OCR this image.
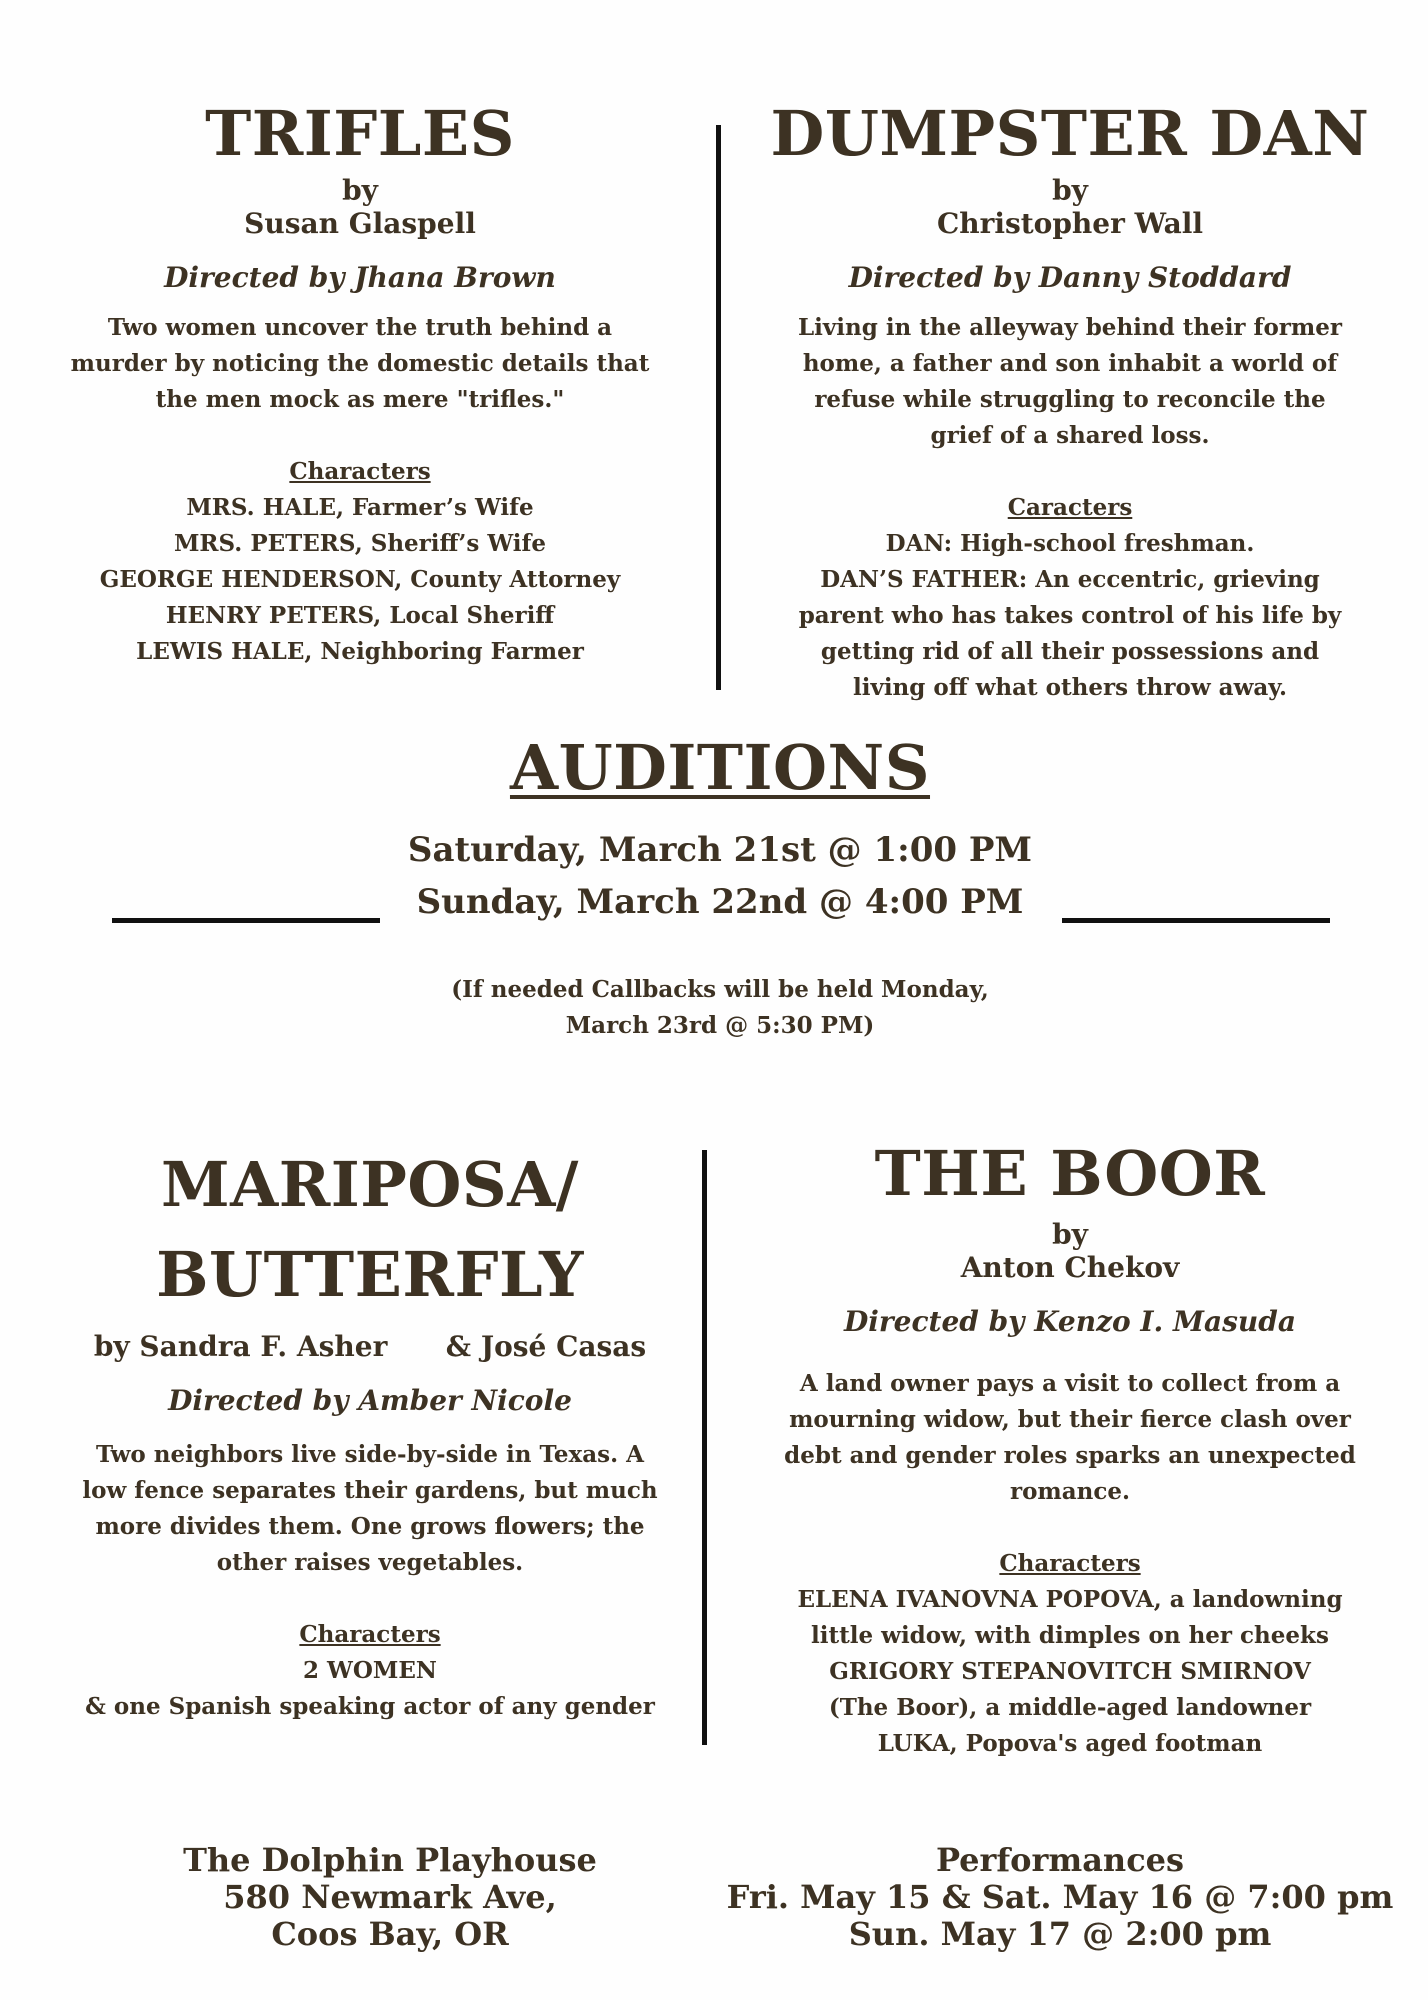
TRIFLES
by
Susan Glaspell
Directed by Jhana Brown
Two women uncover the truth behind a
murder by noticing the domestic details that
the men mock as mere "trifles."
Characters
MRS. HALE, Farmer’s Wife
MRS. PETERS, Sheriff’s Wife
GEORGE HENDERSON, County Attorney
HENRY PETERS, Local Sheriff
LEWIS HALE, Neighboring Farmer
DUMPSTER DAN
by
Christopher Wall
Directed by Danny Stoddard
Living in the alleyway behind their former
home, a father and son inhabit a world of
refuse while struggling to reconcile the
grief of a shared loss.
Caracters
DAN: High-school freshman.
DAN’S FATHER: An eccentric, grieving
parent who has takes control of his life by
getting rid of all their possessions and
living off what others throw away.
AUDITIONS
Saturday, March 21st @ 1:00 PM
Sunday, March 22nd @ 4:00 PM
(If needed Callbacks will be held Monday,
March 23rd @ 5:30 PM)
MARIPOSA/
BUTTERFLY
by Sandra F. Asher      & José Casas
Directed by Amber Nicole
Two neighbors live side-by-side in Texas. A
low fence separates their gardens, but much
more divides them. One grows flowers; the
other raises vegetables.
Characters
2 WOMEN
& one Spanish speaking actor of any gender
THE BOOR
by
Anton Chekov
Directed by Kenzo I. Masuda
A land owner pays a visit to collect from a
mourning widow, but their fierce clash over
debt and gender roles sparks an unexpected
romance.
Characters
ELENA IVANOVNA POPOVA, a landowning
little widow, with dimples on her cheeks
GRIGORY STEPANOVITCH SMIRNOV
(The Boor), a middle-aged landowner
LUKA, Popova's aged footman
The Dolphin Playhouse
580 Newmark Ave,
Coos Bay, OR
Performances
Fri. May 15 & Sat. May 16 @ 7:00 pm
Sun. May 17 @ 2:00 pm
